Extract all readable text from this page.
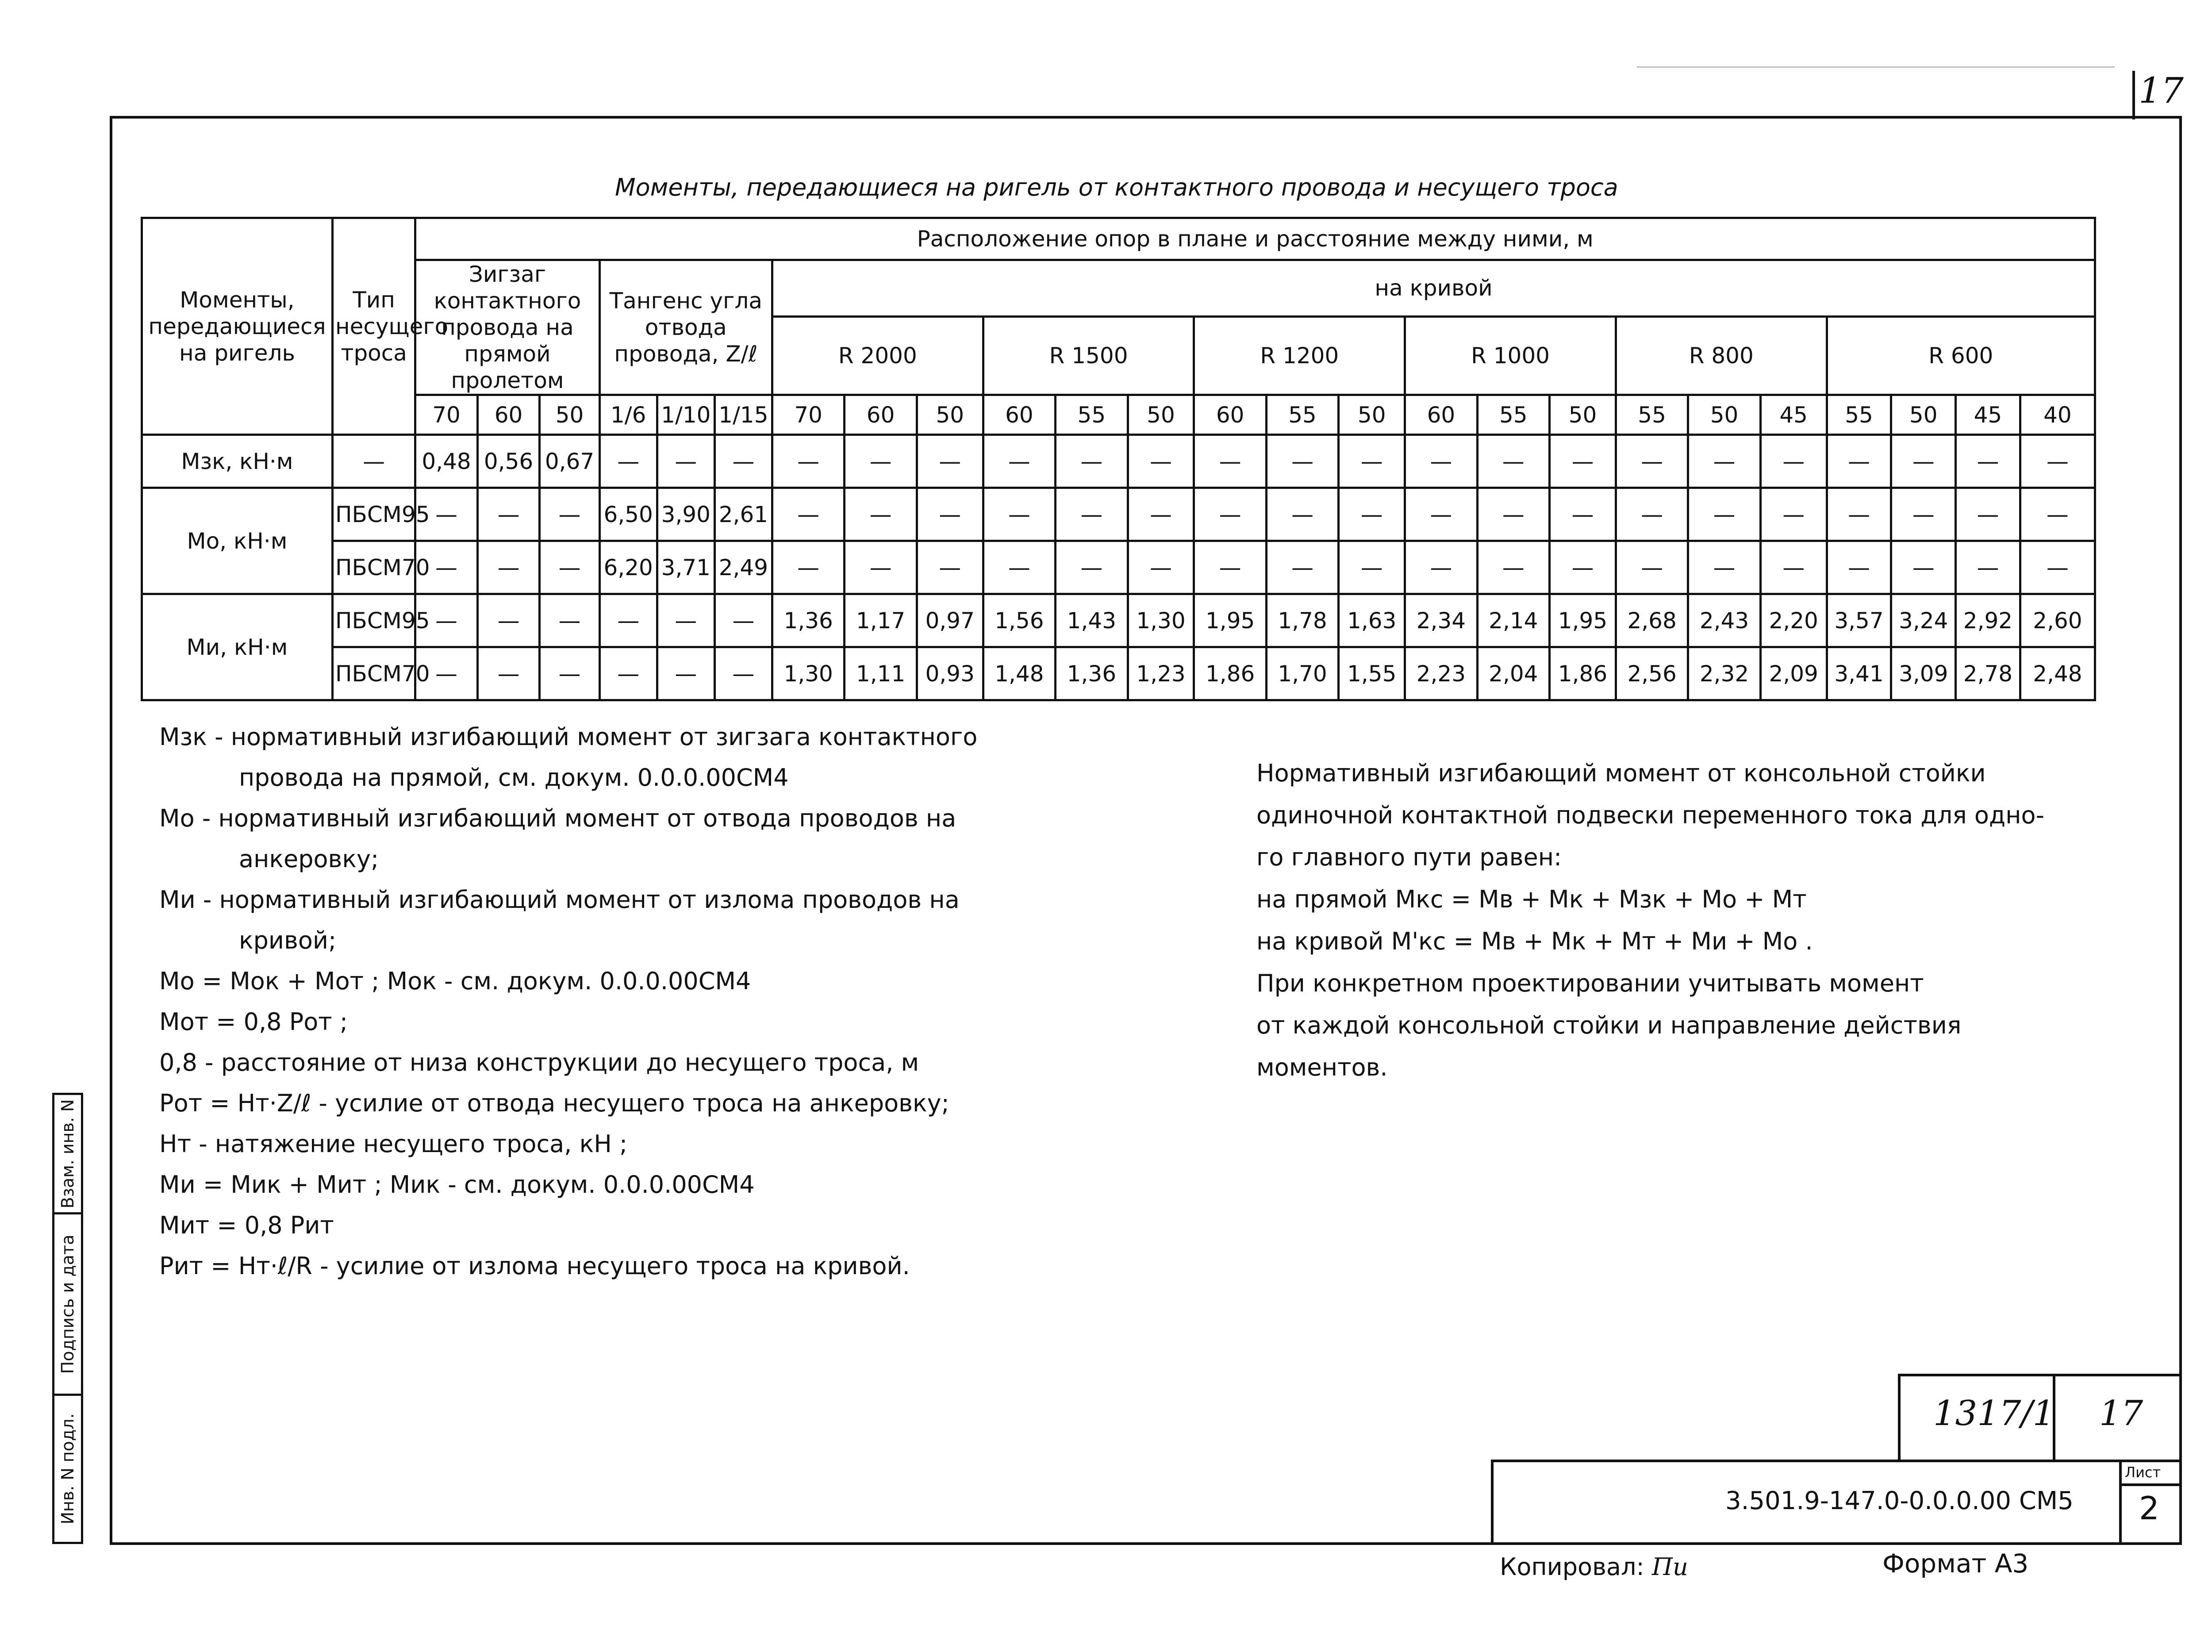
17
Моменты, передающиеся на ригель от контактного провода и несущего троса
Моменты, передающиеся на ригель	Тип несущего троса	Расположение опор в плане и расстояние между ними, м																								
		Зигзаг контактного провода на прямой пролетом			Тангенс угла отвода провода, Z/ℓ			на кривой																		
								R 2000			R 1500			R 1200			R 1000			R 800			R 600			
		70	60	50	1/6	1/10	1/15	70	60	50	60	55	50	60	55	50	60	55	50	55	50	45	55	50	45	40
Мзк, кН·м	—	0,48	0,56	0,67	—	—	—	—	—	—	—	—	—	—	—	—	—	—	—	—	—	—	—	—	—	—
Мо, кН·м	ПБСМ95	—	—	—	6,50	3,90	2,61	—	—	—	—	—	—	—	—	—	—	—	—	—	—	—	—	—	—	—
	ПБСМ70	—	—	—	6,20	3,71	2,49	—	—	—	—	—	—	—	—	—	—	—	—	—	—	—	—	—	—	—
Ми, кН·м	ПБСМ95	—	—	—	—	—	—	1,36	1,17	0,97	1,56	1,43	1,30	1,95	1,78	1,63	2,34	2,14	1,95	2,68	2,43	2,20	3,57	3,24	2,92	2,60
	ПБСМ70	—	—	—	—	—	—	1,30	1,11	0,93	1,48	1,36	1,23	1,86	1,70	1,55	2,23	2,04	1,86	2,56	2,32	2,09	3,41	3,09	2,78	2,48
Мзк - нормативный изгибающий момент от зигзага контактного
провода на прямой, см. докум. 0.0.0.00СМ4
Мо - нормативный изгибающий момент от отвода проводов на
анкеровку;
Ми - нормативный изгибающий момент от излома проводов на
кривой;
Мо = Мок + Мот ; Мок - см. докум. 0.0.0.00СМ4
Мот = 0,8 Рот ;
0,8 - расстояние от низа конструкции до несущего троса, м
Рот = Нт·Z/ℓ - усилие от отвода несущего троса на анкеровку;
Нт - натяжение несущего троса, кН ;
Ми = Мик + Мит ; Мик - см. докум. 0.0.0.00СМ4
Мит = 0,8 Рит
Рит = Нт·ℓ/R - усилие от излома несущего троса на кривой.
Нормативный изгибающий момент от консольной стойки
одиночной контактной подвески переменного тока для одно-
го главного пути равен:
на прямой Мкс = Мв + Мк + Мзк + Мо + Мт
на кривой М'кс = Мв + Мк + Мт + Ми + Мо .
При конкретном проектировании учитывать момент
от каждой консольной стойки и направление действия
моментов.
Взам. инв. N
Подпись и дата
Инв. N подл.	1317/1 17
3.501.9-147.0-0.0.0.00 СМ5
Лист
2
Копировал: Пи	Формат А3
